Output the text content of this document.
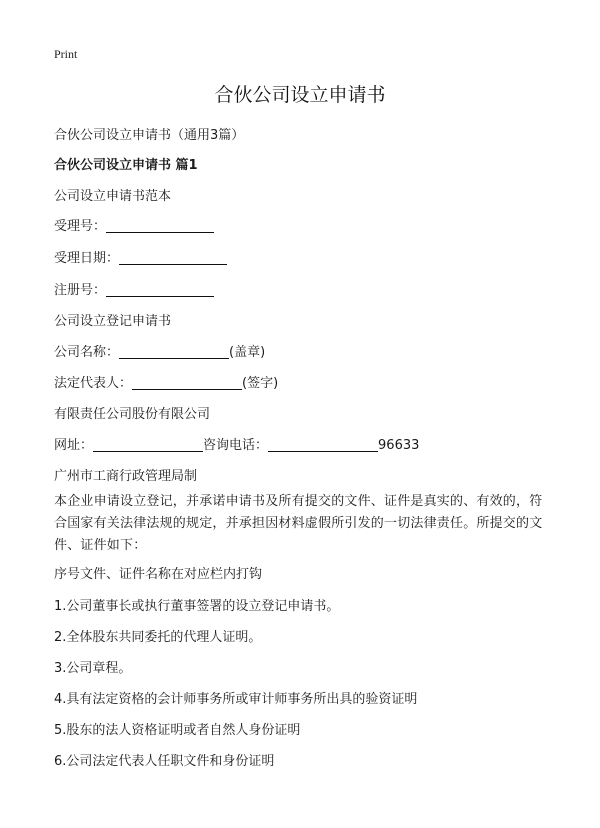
Print
合伙公司设立申请书
合伙公司设立申请书（通用3篇）
合伙公司设立申请书 篇1
公司设立申请书范本
受理号：
受理日期：
注册号：
公司设立登记申请书
公司名称：	(盖章)
法定代表人：	(签字)
有限责任公司股份有限公司
网址：	咨询电话：	96633
广州市工商行政管理局制
本企业申请设立登记，并承诺申请书及所有提交的文件、证件是真实的、有效的，符合国家有关法律法规的规定，并承担因材料虚假所引发的一切法律责任。所提交的文件、证件如下：
序号文件、证件名称在对应栏内打钩
1.公司董事长或执行董事签署的设立登记申请书。
2.全体股东共同委托的代理人证明。
3.公司章程。
4.具有法定资格的会计师事务所或审计师事务所出具的验资证明
5.股东的法人资格证明或者自然人身份证明
6.公司法定代表人任职文件和身份证明
